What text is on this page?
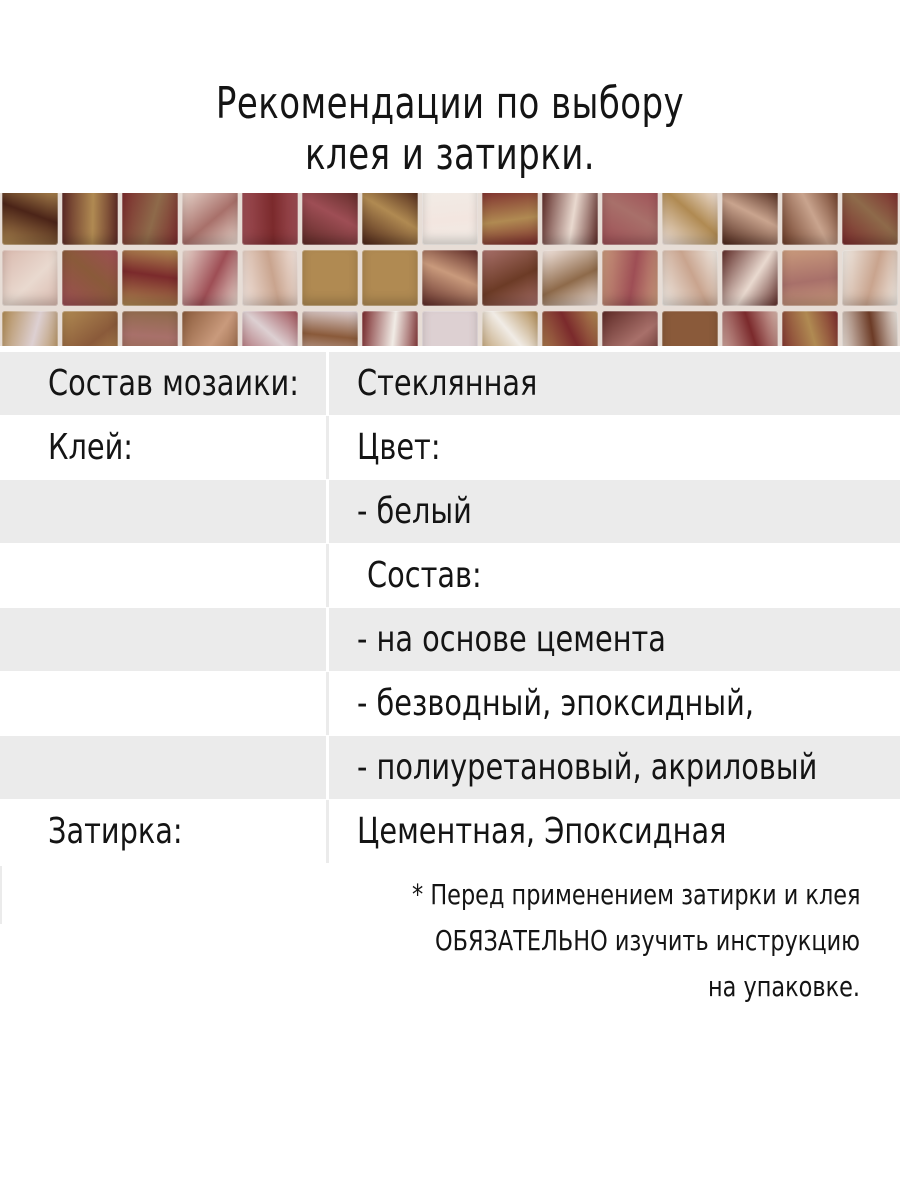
Рекомендации по выбору
клея и затирки.
Состав мозаики: Стеклянная
Клей:	Цвет:
- белый
Состав:
- на основе цемента
- безводный, эпоксидный,
- полиуретановый, акриловый
Затирка:	Цементная, Эпоксидная
* Перед применением затирки и клея
ОБЯЗАТЕЛЬНО изучить инструкцию
на упаковке.
